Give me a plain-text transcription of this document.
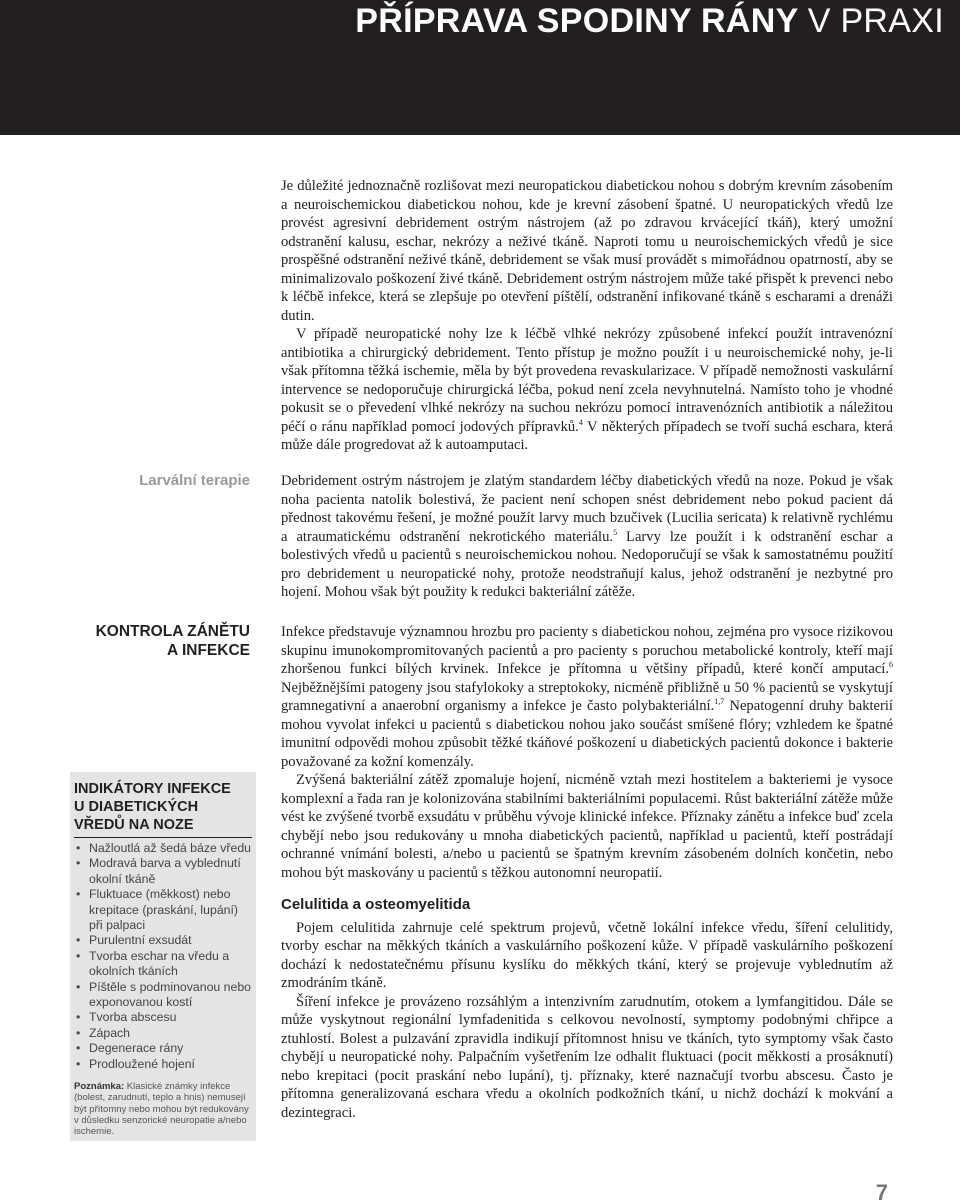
PŘÍPRAVA SPODINY RÁNY V PRAXI

Je důležité jednoznačně rozlišovat mezi neuropatickou diabetickou nohou s dobrým krevním zásobením a neuroischemickou diabetickou nohou, kde je krevní zásobení špatné. U neuropatických vředů lze provést agresivní debridement ostrým nástrojem (až po zdravou krvácející tkáň), který umožní odstranění kalusu, eschar, nekrózy a neživé tkáně. Naproti tomu u neuroischemických vředů je sice prospěšné odstranění neživé tkáně, debridement se však musí provádět s mimořádnou opatrností, aby se minimalizovalo poškození živé tkáně. Debridement ostrým nástrojem může také přispět k prevenci nebo k léčbě infekce, která se zlepšuje po otevření píštělí, odstranění infikované tkáně s escharami a drenáži dutin.

V případě neuropatické nohy lze k léčbě vlhké nekrózy způsobené infekcí použít intravenózní antibiotika a chirurgický debridement. Tento přístup je možno použít i u neuroischemické nohy, je-li však přítomna těžká ischemie, měla by být provedena revaskularizace. V případě nemožnosti vaskulární intervence se nedoporučuje chirurgická léčba, pokud není zcela nevyhnutelná. Namísto toho je vhodné pokusit se o převedení vlhké nekrózy na suchou nekrózu pomocí intravenózních antibiotik a náležitou péčí o ránu například pomocí jodových přípravků.$^4$ V některých případech se tvoří suchá eschara, která může dále progredovat až k autoamputaci.

Larvální terapie Debridement ostrým nástrojem je zlatým standardem léčby diabetických vředů na noze. Pokud je však noha pacienta natolik bolestivá, že pacient není schopen snést debridement nebo pokud pacient dá přednost takovému řešení, je možné použít larvy much bzučivek (Lucilia sericata) k relativně rychlému a atraumatickému odstranění nekrotického materiálu.$^5$ Larvy lze použít i k odstranění eschar a bolestivých vředů u pacientů s neuroischemickou nohou. Nedoporučují se však k samostatnému použití pro debridement u neuropatické nohy, protože neodstraňují kalus, jehož odstranění je nezbytné pro hojení. Mohou však být použity k redukci bakteriální zátěže.

KONTROLA ZÁNĚTU
A INFEKCE

Infekce představuje významnou hrozbu pro pacienty s diabetickou nohou, zejména pro vysoce rizikovou skupinu imunokompromitovaných pacientů a pro pacienty s poruchou metabolické kontroly, kteří mají zhoršenou funkci bílých krvinek. Infekce je přítomna u většiny případů, které končí amputací.$^6$ Nejběžnějšími patogeny jsou stafylokoky a streptokoky, nicméně přibližně u 50 % pacientů se vyskytují gramnegativní a anaerobní organismy a infekce je často polybakteriální.$^{1,7}$ Nepatogenní druhy bakterií mohou vyvolat infekci u pacientů s diabetickou nohou jako součást smíšené flóry; vzhledem ke špatné imunitní odpovědi mohou způsobit těžké tkáňové poškození u diabetických pacientů dokonce i bakterie považované za kožní komenzály.

Zvýšená bakteriální zátěž zpomaluje hojení, nicméně vztah mezi hostitelem a bakteriemi je vysoce komplexní a řada ran je kolonizována stabilními bakteriálními populacemi. Růst bakteriální zátěže může vést ke zvýšené tvorbě exsudátu v průběhu vývoje klinické infekce. Příznaky zánětu a infekce buď zcela chybějí nebo jsou redukovány u mnoha diabetických pacientů, například u pacientů, kteří postrádají ochranné vnímání bolesti, a/nebo u pacientů se špatným krevním zásobeném dolních končetin, nebo mohou být maskovány u pacientů s těžkou autonomní neuropatií.

Celulitida a osteomyelitida

Pojem celulitida zahrnuje celé spektrum projevů, včetně lokální infekce vředu, šíření celulitidy, tvorby eschar na měkkých tkáních a vaskulárního poškození kůže. V případě vaskulárního poškození dochází k nedostatečnému přísunu kyslíku do měkkých tkání, který se projevuje vyblednutím až zmodráním tkáně.

Šíření infekce je provázeno rozsáhlým a intenzivním zarudnutím, otokem a lymfangitidou. Dále se může vyskytnout regionální lymfadenitida s celkovou nevolností, symptomy podobnými chřipce a ztuhlostí. Bolest a pulzavání zpravidla indikují přítomnost hnisu ve tkáních, tyto symptomy však často chybějí u neuropatické nohy. Palpačním vyšetřením lze odhalit fluktuaci (pocit měkkosti a prosáknutí) nebo krepitaci (pocit praskání nebo lupání), tj. příznaky, které naznačují tvorbu abscesu. Často je přítomna generalizovaná eschara vředu a okolních podkožních tkání, u nichž dochází k mokvání a dezintegraci.

INDIKÁTORY INFEKCE
U DIABETICKÝCH
VŘEDŮ NA NOZE
• Nažloutlá až šedá báze vředu
• Modravá barva a vyblednutí okolní tkáně
• Fluktuace (měkkost) nebo krepitace (praskání, lupání) při palpaci
• Purulentní exsudát
• Tvorba eschar na vředu a okolních tkáních
• Píštěle s podminovanou nebo exponovanou kostí
• Tvorba abscesu
• Zápach
• Degenerace rány
• Prodloužené hojení

Poznámka: Klasické známky infekce (bolest, zarudnutí, teplo a hnis) nemusejí být přítomny nebo mohou být redukovány v důsledku senzorické neuropatie a/nebo ischemie.

7
